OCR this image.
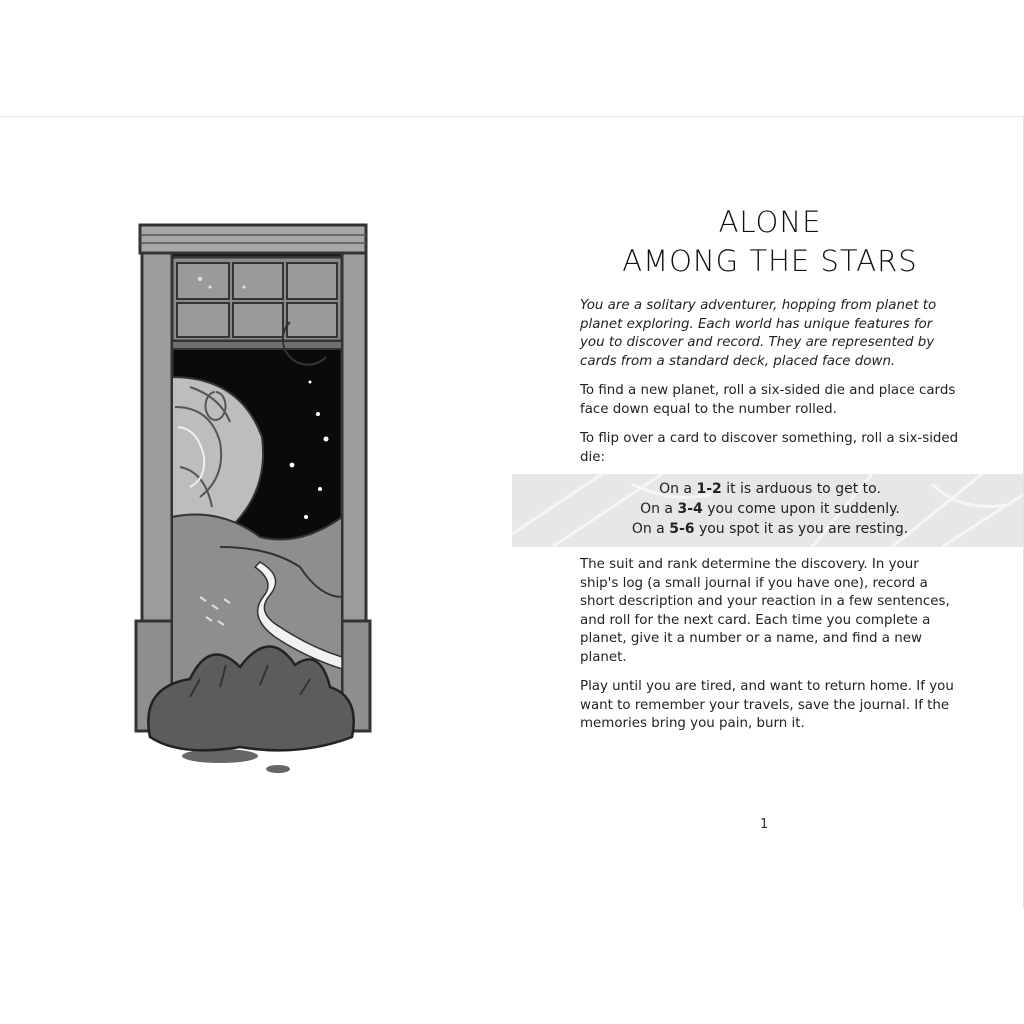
ALONE
AMONG THE STARS

You are a solitary adventurer, hopping from planet to planet exploring. Each world has unique features for you to discover and record. They are represented by cards from a standard deck, placed face down.

To find a new planet, roll a six-sided die and place cards face down equal to the number rolled.

To flip over a card to discover something, roll a six-sided die:

On a 1-2 it is arduous to get to.
On a 3-4 you come upon it suddenly.
On a 5-6 you spot it as you are resting.

The suit and rank determine the discovery. In your ship's log (a small journal if you have one), record a short description and your reaction in a few sentences, and roll for the next card. Each time you complete a planet, give it a number or a name, and find a new planet.

Play until you are tired, and want to return home. If you want to remember your travels, save the journal. If the memories bring you pain, burn it.

1
